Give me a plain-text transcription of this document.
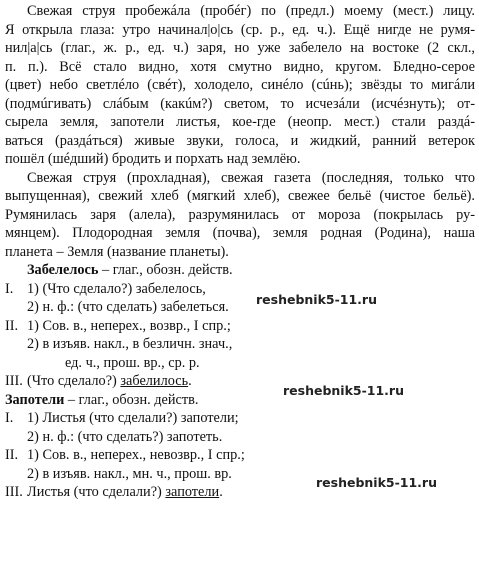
Свежая струя пробежáла (пробéг) по (предл.) моему (мест.) лицу.
Я открыла глаза: утро начинал|о|сь (ср. р., ед. ч.). Ещё нигде не румя-
нил|а|сь (глаг., ж. р., ед. ч.) заря, но уже забелело на востоке (2 скл.,
п. п.). Всё стало видно, хотя смутно видно, кругом. Бледно-серое
(цвет) небо светлéло (свéт), холодело, синéло (сúнь); звёзды то мигáли
(подмúгивать) слáбым (какúм?) светом, то исчезáли (исчéзнуть); от-
сырела земля, запотели листья, кое-где (неопр. мест.) стали раздá-
ваться (раздáться) живые звуки, голоса, и жидкий, ранний ветерок
пошёл (шéдший) бродить и порхать над землёю.
Свежая струя (прохладная), свежая газета (последняя, только что
выпущенная), свежий хлеб (мягкий хлеб), свежее бельё (чистое бельё).
Румянилась заря (алела), разрумянилась от мороза (покрылась ру-
мянцем). Плодородная земля (почва), земля родная (Родина), наша
планета – Земля (название планеты).
Забелелось – глаг., обозн. действ.
I. 1) (Что сделало?) забелелось,
2) н. ф.: (что сделать) забелеться.
II. 1) Сов. в., неперех., возвр., I спр.;
2) в изъяв. накл., в безличн. знач.,
ед. ч., прош. вр., ср. р.
III. (Что сделало?) забелилось.
Запотели – глаг., обозн. действ.
I. 1) Листья (что сделали?) запотели;
2) н. ф.: (что сделать?) запотеть.
II. 1) Сов. в., неперех., невозвр., I спр.;
2) в изъяв. накл., мн. ч., прош. вр.
III. Листья (что сделали?) запотели.
reshebnik5-11.ru
reshebnik5-11.ru
reshebnik5-11.ru
